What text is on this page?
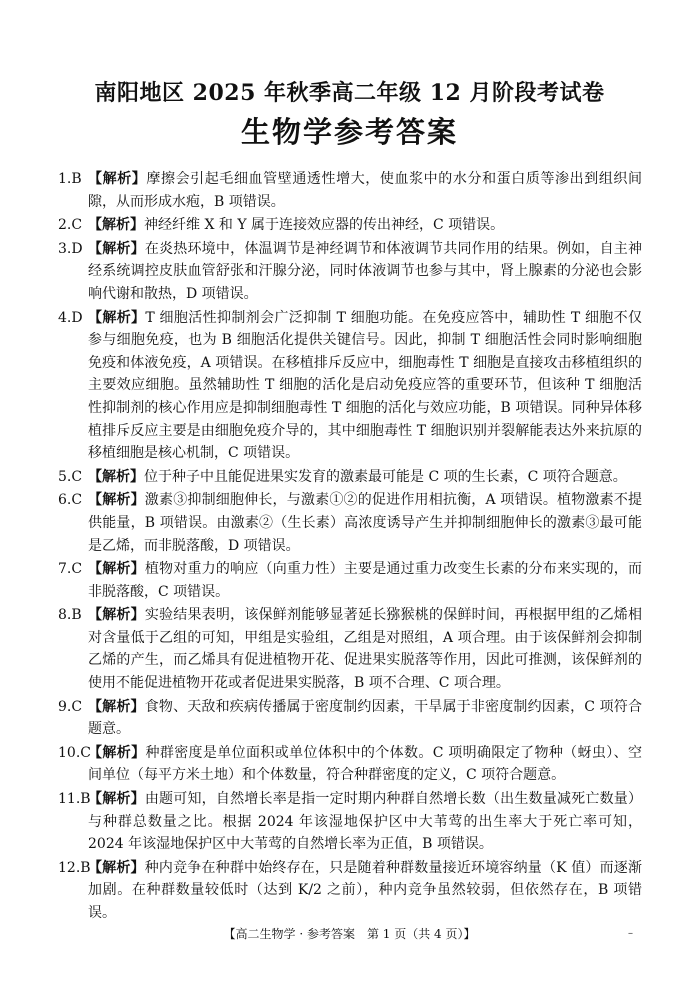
南阳地区 2025 年秋季高二年级 12 月阶段考试卷
生物学参考答案
1.B 【解析】摩擦会引起毛细血管壁通透性增大，使血浆中的水分和蛋白质等渗出到组织间隙，从而形成水疱，B 项错误。
2.C 【解析】神经纤维 X 和 Y 属于连接效应器的传出神经，C 项错误。
3.D 【解析】在炎热环境中，体温调节是神经调节和体液调节共同作用的结果。例如，自主神经系统调控皮肤血管舒张和汗腺分泌，同时体液调节也参与其中，肾上腺素的分泌也会影响代谢和散热，D 项错误。
4.D 【解析】T 细胞活性抑制剂会广泛抑制 T 细胞功能。在免疫应答中，辅助性 T 细胞不仅参与细胞免疫，也为 B 细胞活化提供关键信号。因此，抑制 T 细胞活性会同时影响细胞免疫和体液免疫，A 项错误。在移植排斥反应中，细胞毒性 T 细胞是直接攻击移植组织的主要效应细胞。虽然辅助性 T 细胞的活化是启动免疫应答的重要环节，但该种 T 细胞活性抑制剂的核心作用应是抑制细胞毒性 T 细胞的活化与效应功能，B 项错误。同种异体移植排斥反应主要是由细胞免疫介导的，其中细胞毒性 T 细胞识别并裂解能表达外来抗原的移植细胞是核心机制，C 项错误。
5.C 【解析】位于种子中且能促进果实发育的激素最可能是 C 项的生长素，C 项符合题意。
6.C 【解析】激素③抑制细胞伸长，与激素①②的促进作用相抗衡，A 项错误。植物激素不提供能量，B 项错误。由激素②（生长素）高浓度诱导产生并抑制细胞伸长的激素③最可能是乙烯，而非脱落酸，D 项错误。
7.C 【解析】植物对重力的响应（向重力性）主要是通过重力改变生长素的分布来实现的，而非脱落酸，C 项错误。
8.B 【解析】实验结果表明，该保鲜剂能够显著延长猕猴桃的保鲜时间，再根据甲组的乙烯相对含量低于乙组的可知，甲组是实验组，乙组是对照组，A 项合理。由于该保鲜剂会抑制乙烯的产生，而乙烯具有促进植物开花、促进果实脱落等作用，因此可推测，该保鲜剂的使用不能促进植物开花或者促进果实脱落，B 项不合理、C 项合理。
9.C 【解析】食物、天敌和疾病传播属于密度制约因素，干旱属于非密度制约因素，C 项符合题意。
10.C
【解析】种群密度是单位面积或单位体积中的个体数。C 项明确限定了物种（蚜虫）、空间单位（每平方米土地）和个体数量，符合种群密度的定义，C 项符合题意。
11.B
【解析】由题可知，自然增长率是指一定时期内种群自然增长数（出生数量减死亡数量）与种群总数量之比。根据 2024 年该湿地保护区中大苇莺的出生率大于死亡率可知，2024 年该湿地保护区中大苇莺的自然增长率为正值，B 项错误。
12.B
【解析】种内竞争在种群中始终存在，只是随着种群数量接近环境容纳量（K 值）而逐渐加剧。在种群数量较低时（达到 K/2 之前），种内竞争虽然较弱，但依然存在，B 项错误。
【高二生物学 · 参考答案　第 1 页（共 4 页）】	–
